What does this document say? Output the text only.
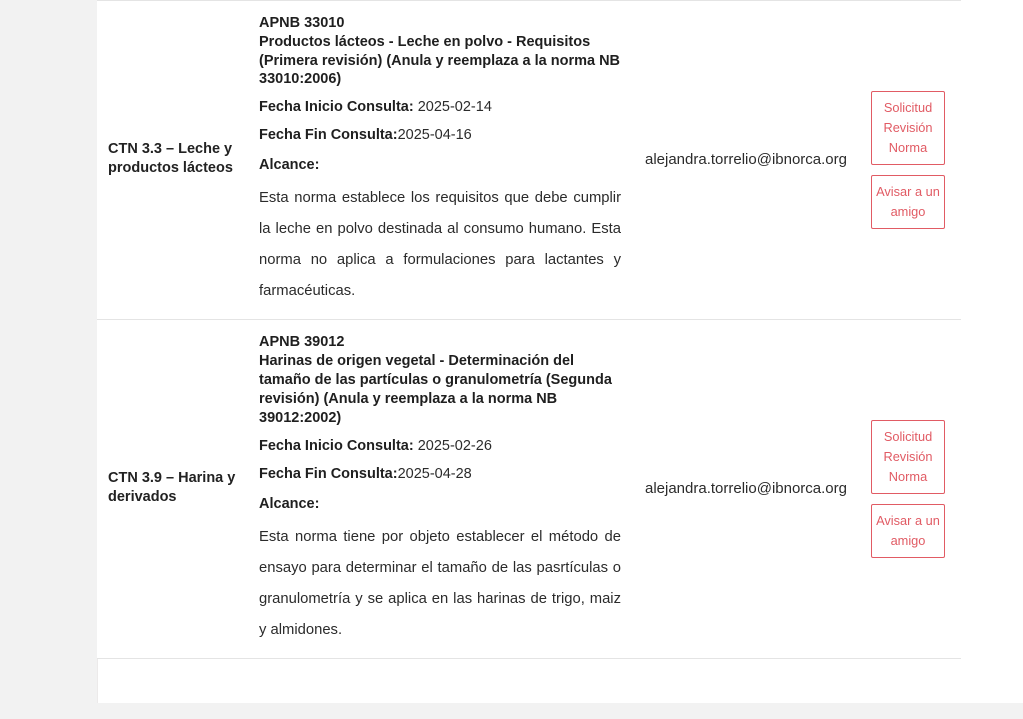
CTN 3.3 – Leche y productos lácteos
APNB 33010
Productos lácteos - Leche en polvo - Requisitos (Primera revisión) (Anula y reemplaza a la norma NB 33010:2006)
Fecha Inicio Consulta: 2025-02-14
Fecha Fin Consulta:2025-04-16
Alcance:
Esta norma establece los requisitos que debe cumplir la leche en polvo destinada al consumo humano. Esta norma no aplica a formulaciones para lactantes y farmacéuticas.
alejandra.torrelio@ibnorca.org
Solicitud Revisión Norma
Avisar a un amigo
CTN 3.9 – Harina y derivados
APNB 39012
Harinas de origen vegetal - Determinación del tamaño de las partículas o granulometría (Segunda revisión) (Anula y reemplaza a la norma NB 39012:2002)
Fecha Inicio Consulta: 2025-02-26
Fecha Fin Consulta:2025-04-28
Alcance:
Esta norma tiene por objeto establecer el método de ensayo para determinar el tamaño de las pasrtículas o granulometría y se aplica en las harinas de trigo, maiz y almidones.
alejandra.torrelio@ibnorca.org
Solicitud Revisión Norma
Avisar a un amigo
